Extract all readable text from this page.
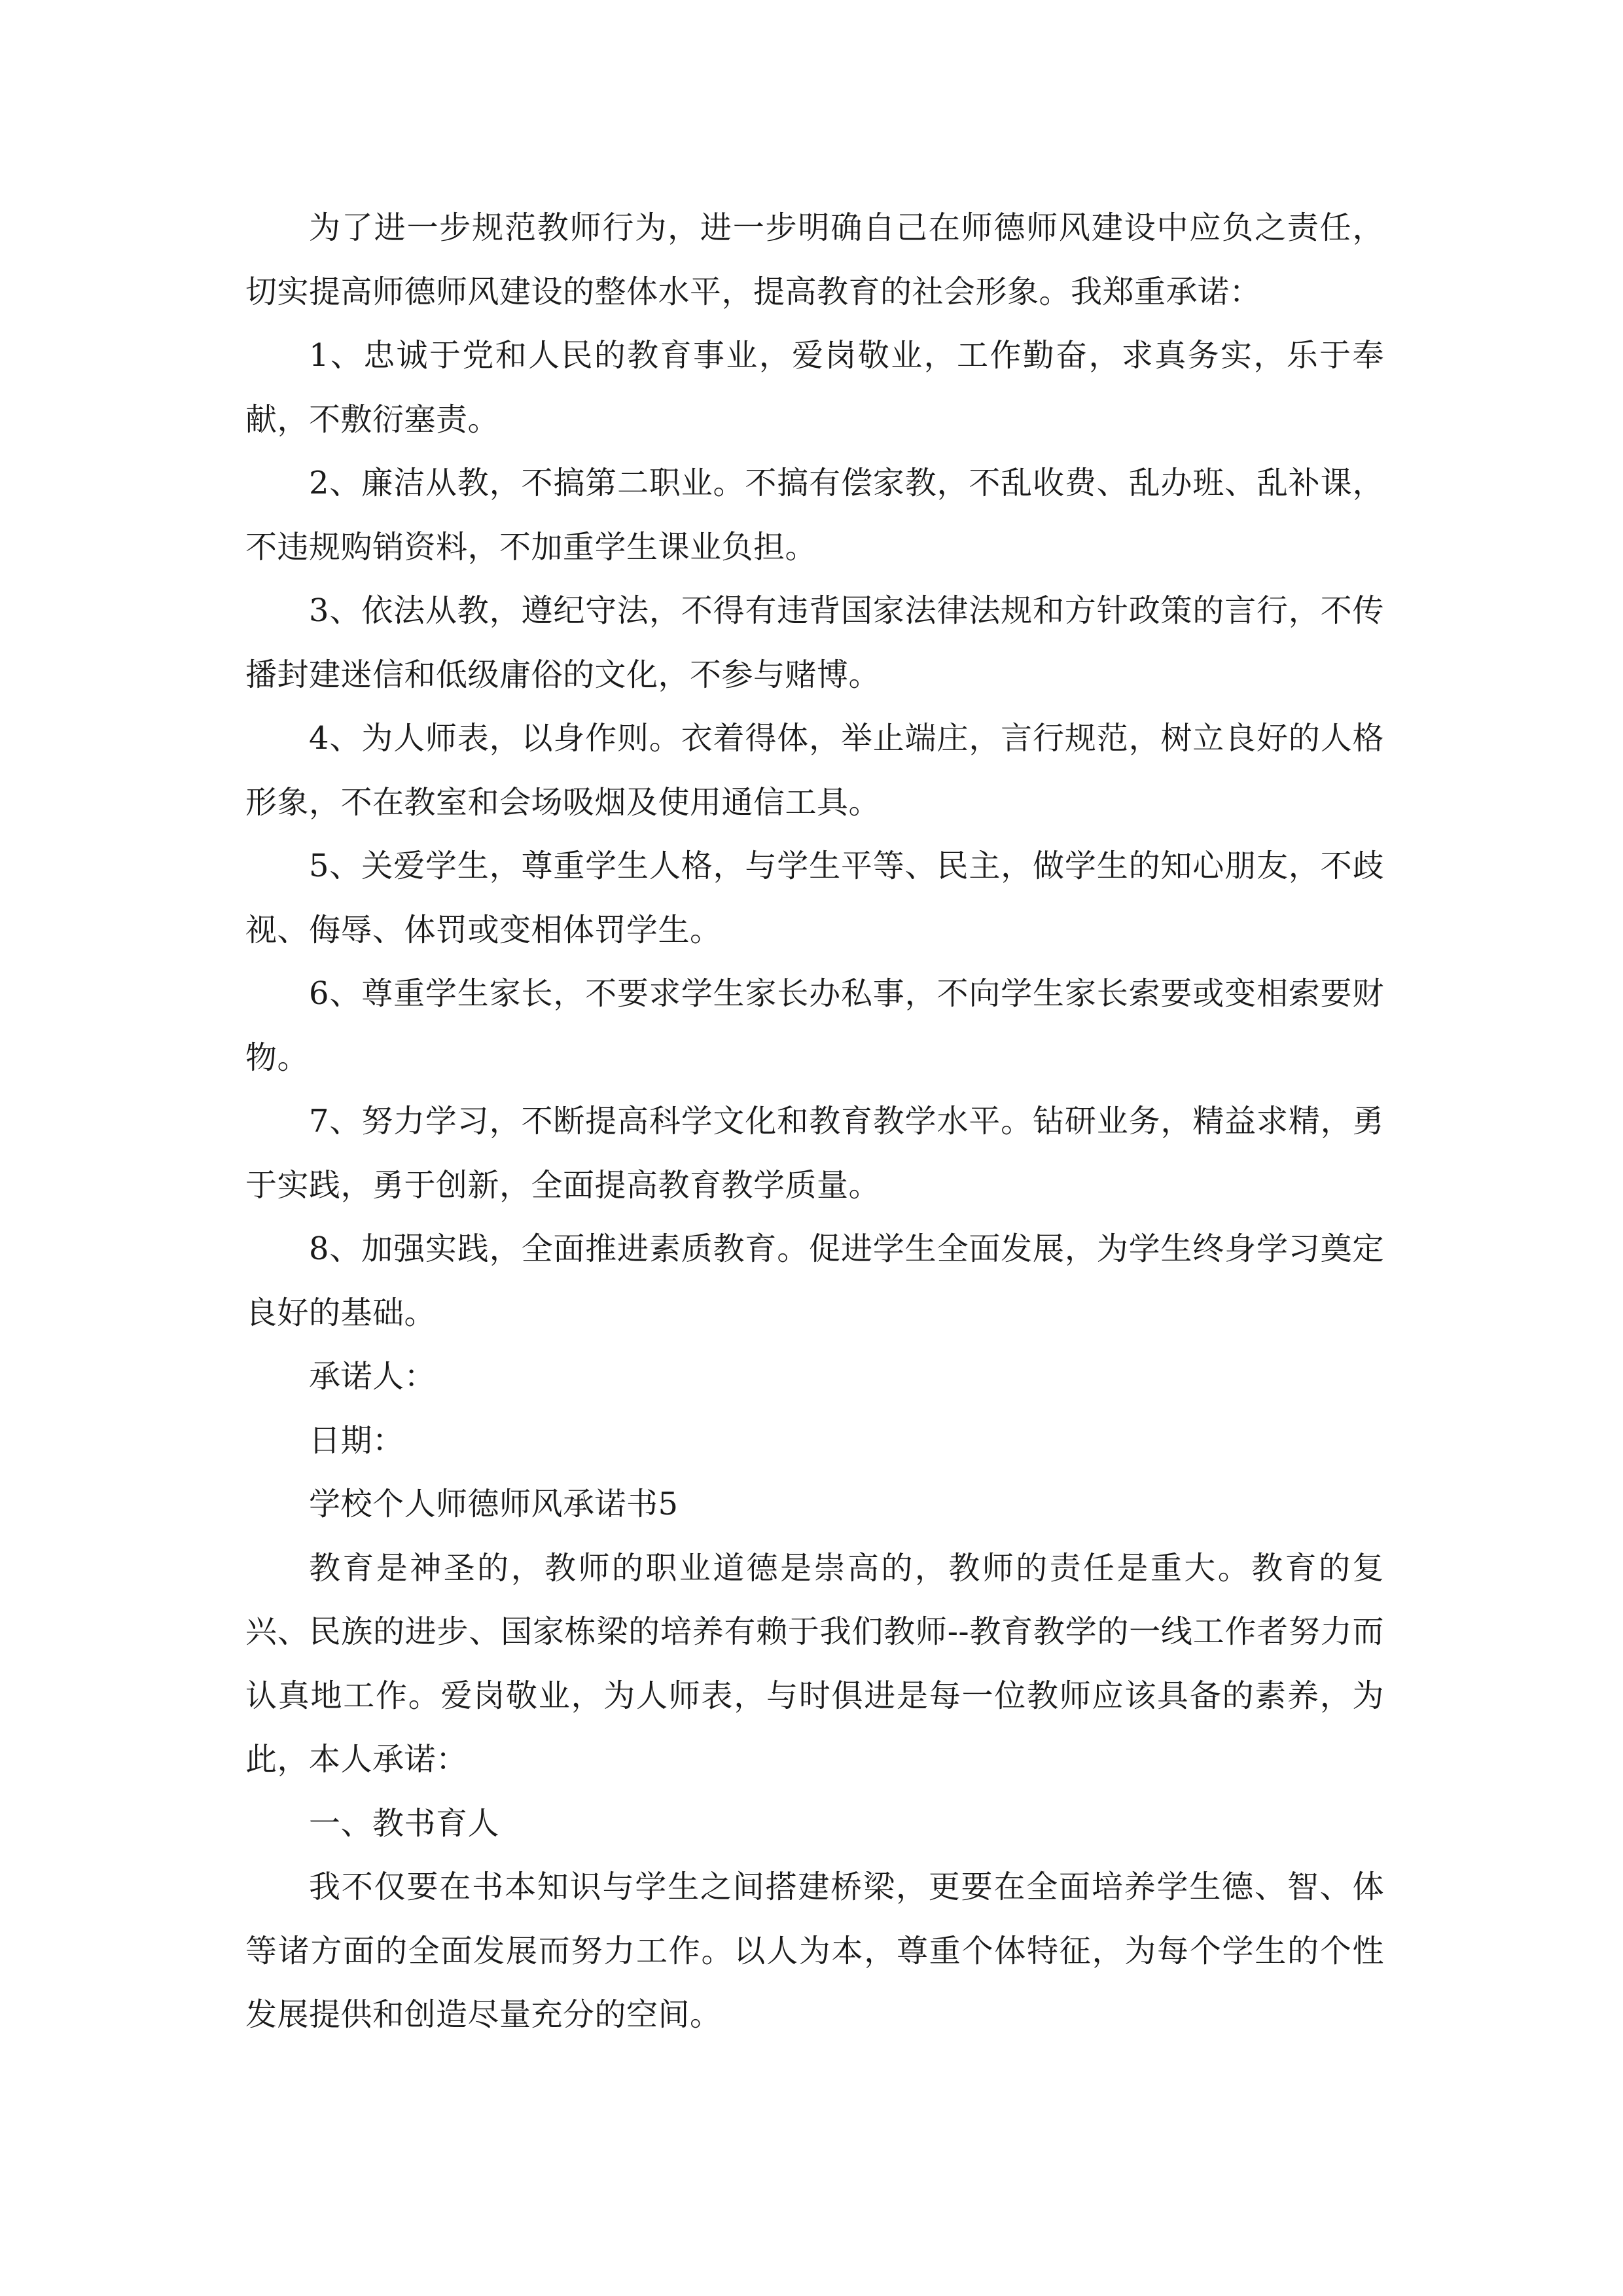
为了进一步规范教师行为，进一步明确自己在师德师风建设中应负之责任，切实提高师德师风建设的整体水平，提高教育的社会形象。我郑重承诺：

1、忠诚于党和人民的教育事业，爱岗敬业，工作勤奋，求真务实，乐于奉献，不敷衍塞责。

2、廉洁从教，不搞第二职业。不搞有偿家教，不乱收费、乱办班、乱补课，不违规购销资料，不加重学生课业负担。

3、依法从教，遵纪守法，不得有违背国家法律法规和方针政策的言行，不传播封建迷信和低级庸俗的文化，不参与赌博。

4、为人师表，以身作则。衣着得体，举止端庄，言行规范，树立良好的人格形象，不在教室和会场吸烟及使用通信工具。

5、关爱学生，尊重学生人格，与学生平等、民主，做学生的知心朋友，不歧视、侮辱、体罚或变相体罚学生。

6、尊重学生家长，不要求学生家长办私事，不向学生家长索要或变相索要财物。

7、努力学习，不断提高科学文化和教育教学水平。钻研业务，精益求精，勇于实践，勇于创新，全面提高教育教学质量。

8、加强实践，全面推进素质教育。促进学生全面发展，为学生终身学习奠定良好的基础。

承诺人：

日期：

学校个人师德师风承诺书5

教育是神圣的，教师的职业道德是崇高的，教师的责任是重大。教育的复兴、民族的进步、国家栋梁的培养有赖于我们教师--教育教学的一线工作者努力而认真地工作。爱岗敬业，为人师表，与时俱进是每一位教师应该具备的素养，为此，本人承诺：

一、教书育人

我不仅要在书本知识与学生之间搭建桥梁，更要在全面培养学生德、智、体等诸方面的全面发展而努力工作。以人为本，尊重个体特征，为每个学生的个性发展提供和创造尽量充分的空间。
